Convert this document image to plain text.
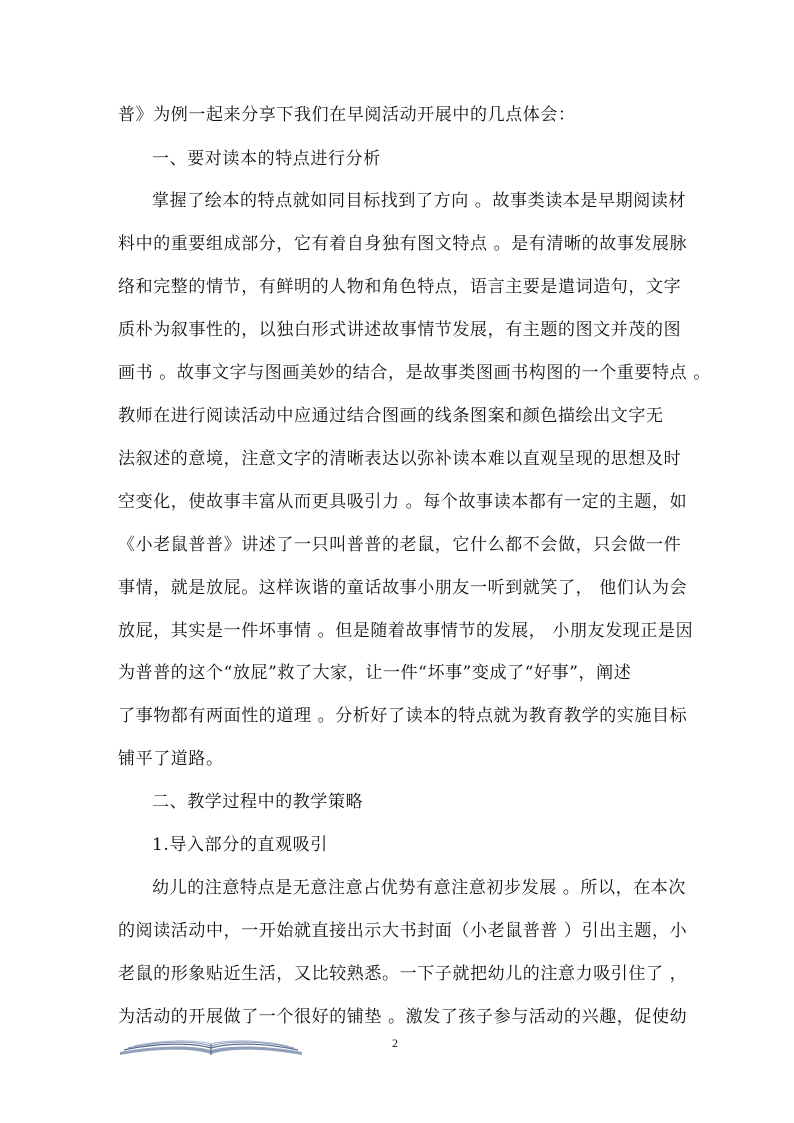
普》为例一起来分享下我们在早阅活动开展中的几点体会：
一、要对读本的特点进行分析
掌握了绘本的特点就如同目标找到了方向 。故事类读本是早期阅读材
料中的重要组成部分，它有着自身独有图文特点 。是有清晰的故事发展脉
络和完整的情节，有鲜明的人物和角色特点，语言主要是遣词造句，文字
质朴为叙事性的，以独白形式讲述故事情节发展，有主题的图文并茂的图
画书 。故事文字与图画美妙的结合，是故事类图画书构图的一个重要特点 。
教师在进行阅读活动中应通过结合图画的线条图案和颜色描绘出文字无
法叙述的意境，注意文字的清晰表达以弥补读本难以直观呈现的思想及时
空变化，使故事丰富从而更具吸引力 。每个故事读本都有一定的主题，如
《小老鼠普普》讲述了一只叫普普的老鼠，它什么都不会做，只会做一件
事情，就是放屁。这样诙谐的童话故事小朋友一听到就笑了， 他们认为会
放屁，其实是一件坏事情 。但是随着故事情节的发展， 小朋友发现正是因
为普普的这个“放屁”救了大家，让一件“坏事”变成了“好事”，阐述
了事物都有两面性的道理 。分析好了读本的特点就为教育教学的实施目标
铺平了道路。
二、教学过程中的教学策略
1.导入部分的直观吸引
幼儿的注意特点是无意注意占优势有意注意初步发展 。所以，在本次
的阅读活动中，一开始就直接出示大书封面（小老鼠普普 ）引出主题，小
老鼠的形象贴近生活，又比较熟悉。一下子就把幼儿的注意力吸引住了 ，
为活动的开展做了一个很好的铺垫 。激发了孩子参与活动的兴趣，促使幼
2
